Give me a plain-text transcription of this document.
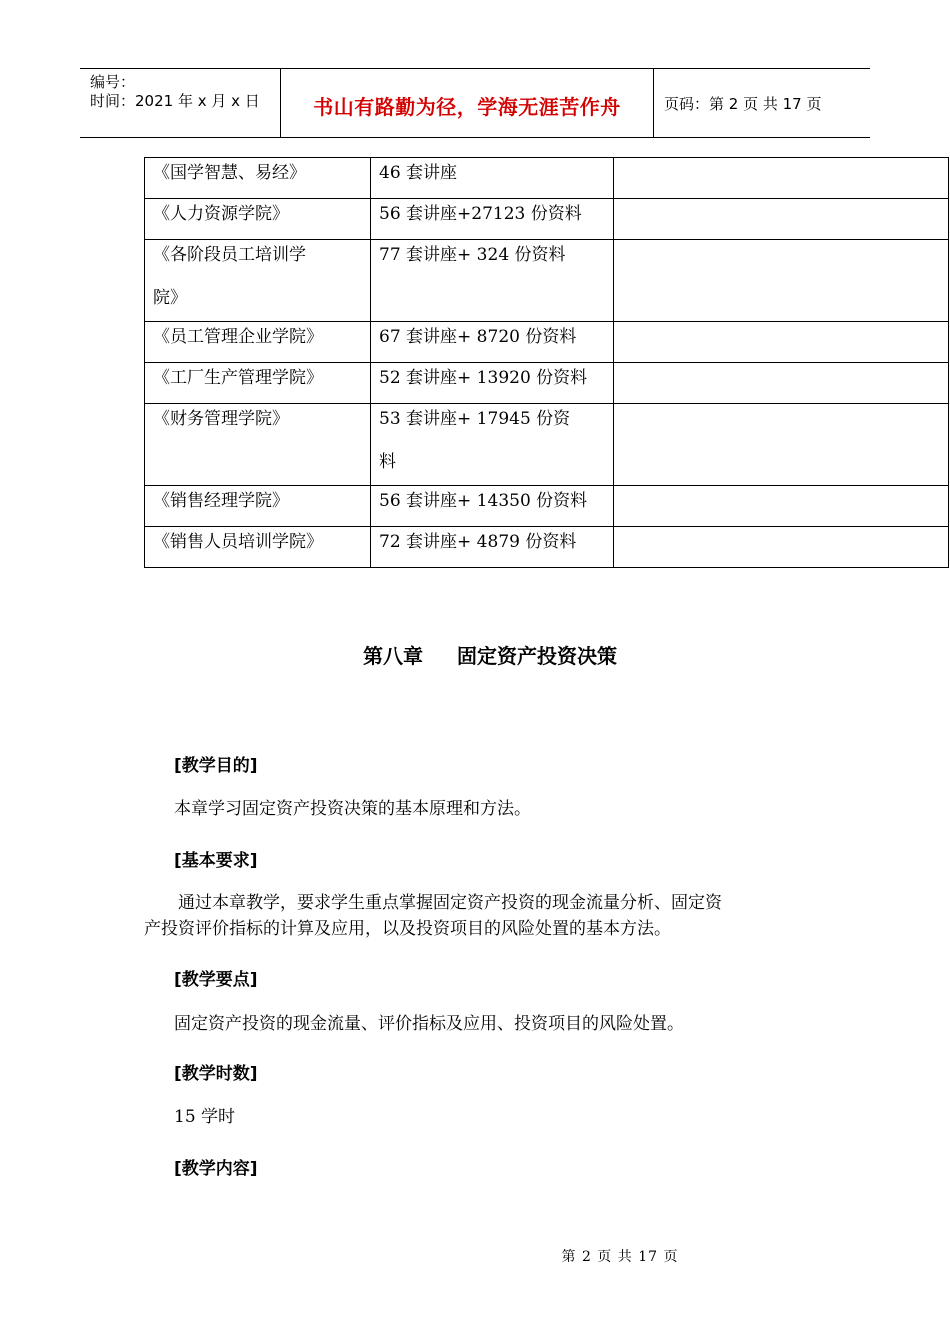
编号：
时间：2021 年 x 月 x 日	书山有路勤为径，学海无涯苦作舟	页码：第 2 页 共 17 页
《国学智慧、易经》	46 套讲座	
《人力资源学院》	56 套讲座+27123 份资料	

《各阶段员工培训学
院》	77 套讲座+ 324 份资料	
《员工管理企业学院》	67 套讲座+ 8720 份资料	
《工厂生产管理学院》	52 套讲座+ 13920 份资料	
《财务管理学院》	53 套讲座+ 17945 份资
料	

《销售经理学院》	56 套讲座+ 14350 份资料	
《销售人员培训学院》	72 套讲座+ 4879 份资料	
第八章 固定资产投资决策
[教学目的]
本章学习固定资产投资决策的基本原理和方法。
[基本要求]
通过本章教学，要求学生重点掌握固定资产投资的现金流量分析、固定资
产投资评价指标的计算及应用，以及投资项目的风险处置的基本方法。
[教学要点]
固定资产投资的现金流量、评价指标及应用、投资项目的风险处置。
[教学时数]
15 学时
[教学内容]
第 2 页 共 17 页
